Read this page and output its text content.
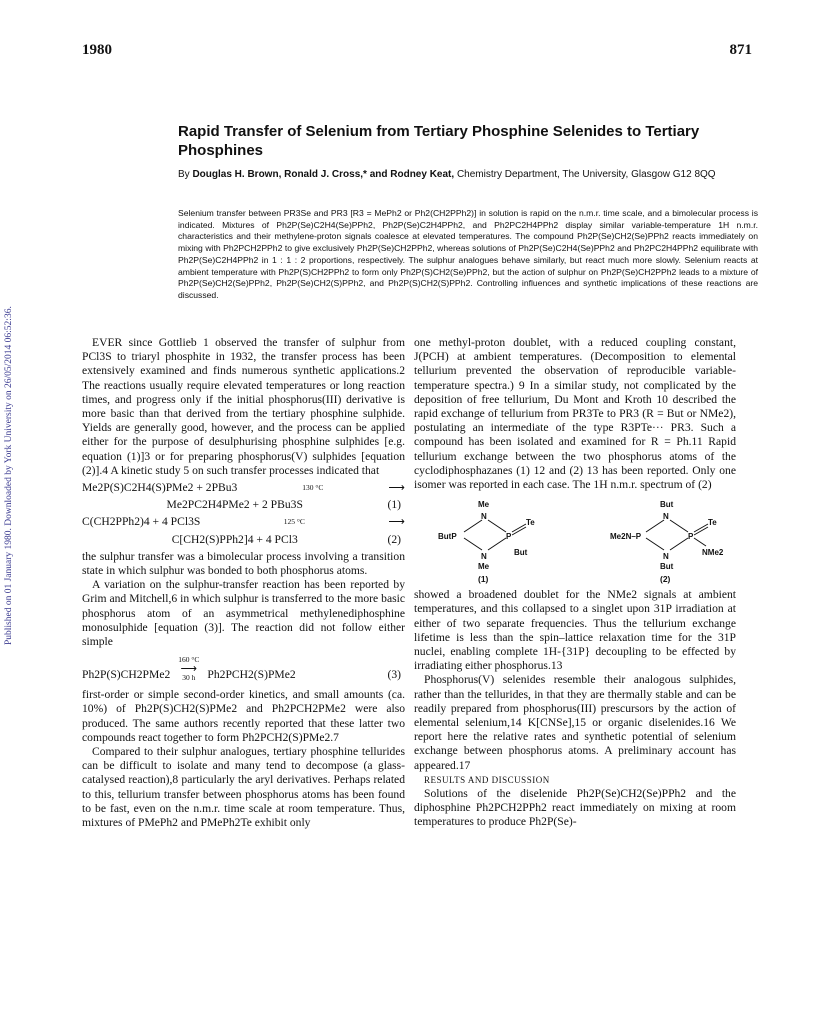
1980	871
Published on 01 January 1980. Downloaded by York University on 26/05/2014 06:52:36.
Rapid Transfer of Selenium from Tertiary Phosphine Selenides to Tertiary Phosphines
By Douglas H. Brown, Ronald J. Cross,* and Rodney Keat, Chemistry Department, The University, Glasgow G12 8QQ
Selenium transfer between PR3Se and PR3 [R3 = MePh2 or Ph2(CH2PPh2)] in solution is rapid on the n.m.r. time scale, and a bimolecular process is indicated. Mixtures of Ph2P(Se)C2H4(Se)PPh2, Ph2P(Se)C2H4PPh2, and Ph2PC2H4PPh2 display similar variable-temperature 1H n.m.r. characteristics and their methylene-proton signals coalesce at elevated temperatures. The compound Ph2P(Se)CH2(Se)PPh2 reacts immediately on mixing with Ph2PCH2PPh2 to give exclusively Ph2P(Se)CH2PPh2, whereas solutions of Ph2P(Se)C2H4(Se)PPh2 and Ph2PC2H4PPh2 equilibrate with Ph2P(Se)C2H4PPh2 in 1 : 1 : 2 proportions, respectively. The sulphur analogues behave similarly, but react much more slowly. Selenium reacts at ambient temperature with Ph2P(S)CH2PPh2 to form only Ph2P(S)CH2(Se)PPh2, but the action of sulphur on Ph2P(Se)CH2PPh2 leads to a mixture of Ph2P(Se)CH2(Se)PPh2, Ph2P(Se)CH2(S)PPh2, and Ph2P(S)CH2(S)PPh2. Controlling influences and synthetic implications of these reactions are discussed.

EVER since Gottlieb 1 observed the transfer of sulphur from PCl3S to triaryl phosphite in 1932, the transfer process has been extensively examined and finds numerous synthetic applications.2 The reactions usually require elevated temperatures or long reaction times, and progress only if the initial phosphorus(III) derivative is more basic than that derived from the tertiary phosphine sulphide. Yields are generally good, however, and the process can be applied either for the purpose of desulphurising phosphine sulphides [e.g. equation (1)]3 or for preparing phosphorus(V) sulphides [equation (2)].4 A kinetic study 5 on such transfer processes indicated that

Me2P(S)C2H4(S)PMe2 + 2PBu3	130 °C	⟶
Me2PC2H4PMe2 + 2 PBu3S	(1)
C(CH2PPh2)4 + 4 PCl3S	125 °C	⟶
C[CH2(S)PPh2]4 + 4 PCl3	(2)

the sulphur transfer was a bimolecular process involving a transition state in which sulphur was bonded to both phosphorus atoms.

A variation on the sulphur-transfer reaction has been reported by Grim and Mitchell,6 in which sulphur is transferred to the more basic phosphorus atom of an asymmetrical methylenediphosphine monosulphide [equation (3)]. The reaction did not follow either simple

Ph2P(S)CH2PMe2
160 °C
⟶
30 h Ph2PCH2(S)PMe2	(3)

first-order or simple second-order kinetics, and small amounts (ca. 10%) of Ph2P(S)CH2(S)PMe2 and Ph2PCH2PMe2 were also produced. The same authors recently reported that these latter two compounds react together to form Ph2PCH2(S)PMe2.7

Compared to their sulphur analogues, tertiary phosphine tellurides can be difficult to isolate and many tend to decompose (a glass-catalysed reaction),8 particularly the aryl derivatives. Perhaps related to this, tellurium transfer between phosphorus atoms has been found to be fast, even on the n.m.r. time scale at room temperature. Thus, mixtures of PMePh2 and PMePh2Te exhibit only

one methyl-proton doublet, with a reduced coupling constant, J(PCH) at ambient temperatures. (Decomposition to elemental tellurium prevented the observation of reproducible variable-temperature spectra.) 9 In a similar study, not complicated by the deposition of free tellurium, Du Mont and Kroth 10 described the rapid exchange of tellurium from PR3Te to PR3 (R = But or NMe2), postulating an intermediate of the type R3PTe··· PR3. Such a compound has been isolated and examined for R = Ph.11 Rapid tellurium exchange between the two phosphorus atoms of the cyclodiphosphazanes (1) 12 and (2) 13 has been reported. Only one isomer was reported in each case. The 1H n.m.r. spectrum of (2)

Me
N
Te
ButP	P
N	But
Me
But
N
Te
Me2N–P	P
N	NMe2
But
(1)	(2)

showed a broadened doublet for the NMe2 signals at ambient temperatures, and this collapsed to a singlet upon 31P irradiation at either of two separate frequencies. Thus the tellurium exchange lifetime is less than the spin–lattice relaxation time for the 31P nuclei, enabling complete 1H-{31P} decoupling to be effected by irradiating either phosphorus.13

Phosphorus(V) selenides resemble their analogous sulphides, rather than the tellurides, in that they are thermally stable and can be readily prepared from phosphorus(III) prescursors by the action of elemental selenium,14 K[CNSe],15 or organic diselenides.16 We report here the relative rates and synthetic potential of selenium exchange between phosphorus atoms. A preliminary account has appeared.17

RESULTS AND DISCUSSION

Solutions of the diselenide Ph2P(Se)CH2(Se)PPh2 and the diphosphine Ph2PCH2PPh2 react immediately on mixing at room temperatures to produce Ph2P(Se)-
